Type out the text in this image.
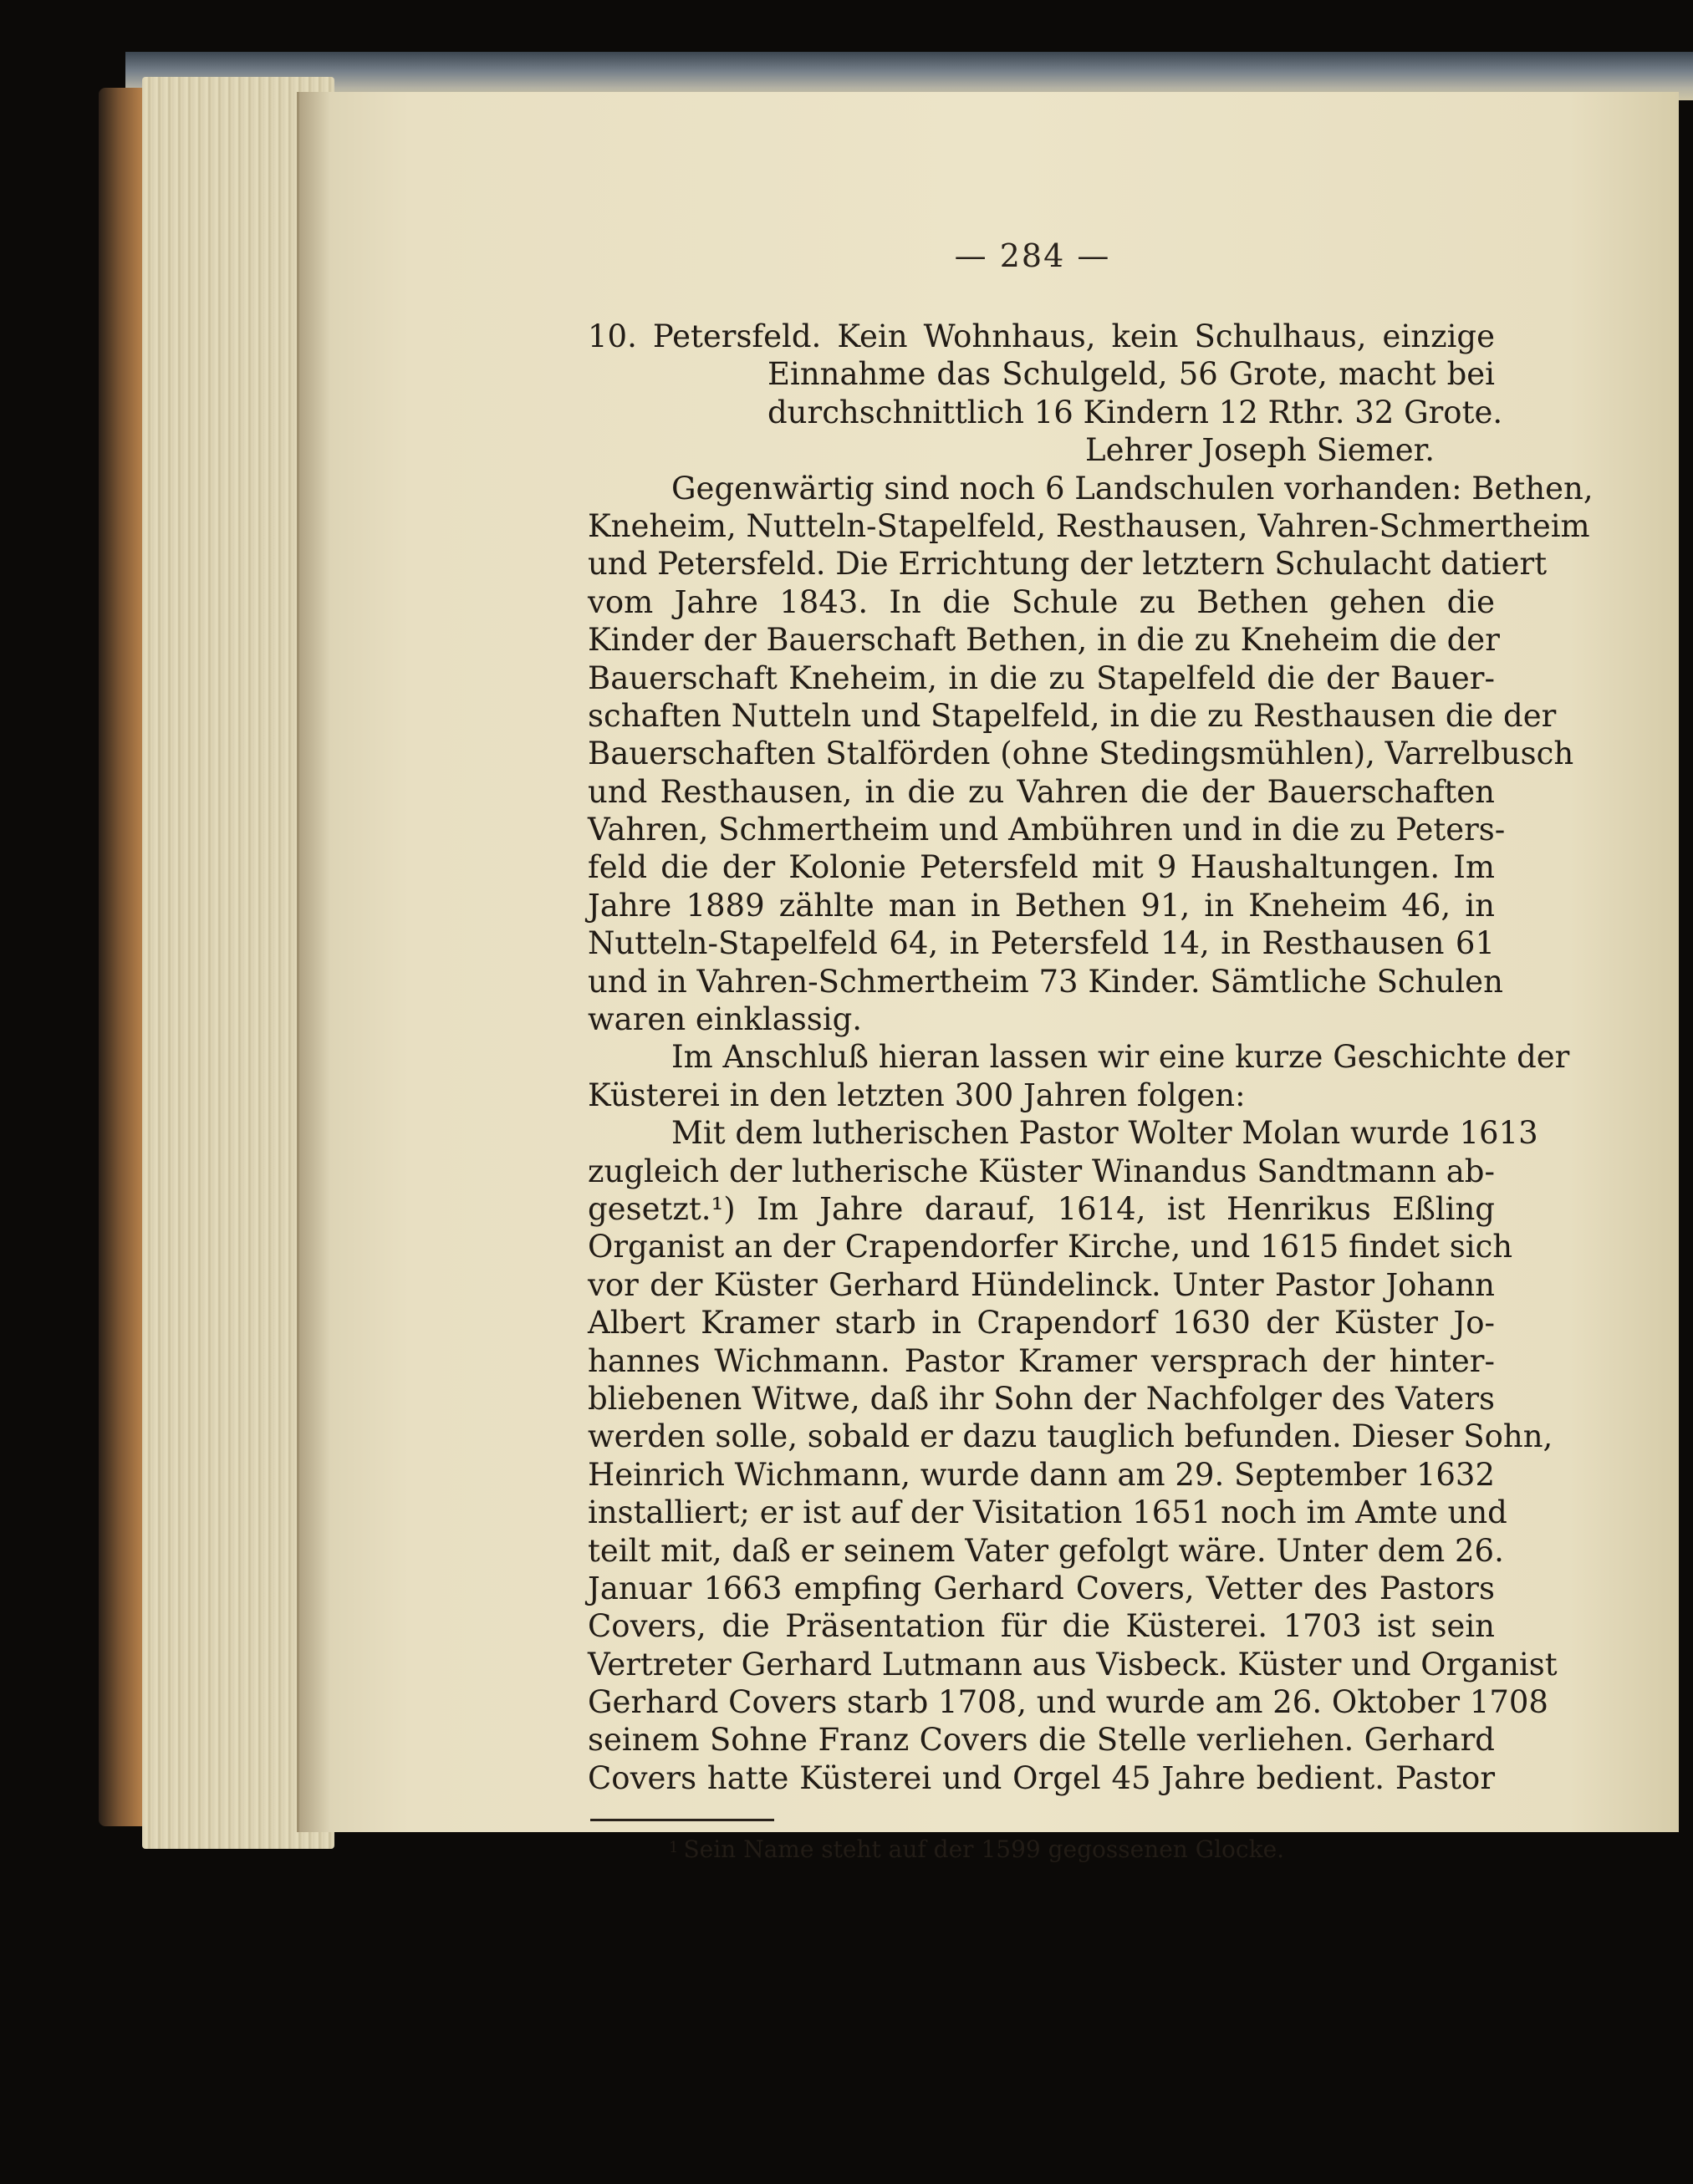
— 284 —
10. Petersfeld. Kein Wohnhaus, kein Schulhaus, einzige
Einnahme das Schulgeld, 56 Grote, macht bei
durchschnittlich 16 Kindern 12 Rthr. 32 Grote.
Lehrer Joseph Siemer.
Gegenwärtig sind noch 6 Landschulen vorhanden: Bethen,
Kneheim, Nutteln-Stapelfeld, Resthausen, Vahren-Schmertheim
und Petersfeld. Die Errichtung der letztern Schulacht datiert
vom Jahre 1843. In die Schule zu Bethen gehen die
Kinder der Bauerschaft Bethen, in die zu Kneheim die der
Bauerschaft Kneheim, in die zu Stapelfeld die der Bauer-
schaften Nutteln und Stapelfeld, in die zu Resthausen die der
Bauerschaften Stalförden (ohne Stedingsmühlen), Varrelbusch
und Resthausen, in die zu Vahren die der Bauerschaften
Vahren, Schmertheim und Ambühren und in die zu Peters-
feld die der Kolonie Petersfeld mit 9 Haushaltungen. Im
Jahre 1889 zählte man in Bethen 91, in Kneheim 46, in
Nutteln-Stapelfeld 64, in Petersfeld 14, in Resthausen 61
und in Vahren-Schmertheim 73 Kinder. Sämtliche Schulen
waren einklassig.
Im Anschluß hieran lassen wir eine kurze Geschichte der
Küsterei in den letzten 300 Jahren folgen:
Mit dem lutherischen Pastor Wolter Molan wurde 1613
zugleich der lutherische Küster Winandus Sandtmann ab-
gesetzt.¹) Im Jahre darauf, 1614, ist Henrikus Eßling
Organist an der Crapendorfer Kirche, und 1615 findet sich
vor der Küster Gerhard Hündelinck. Unter Pastor Johann
Albert Kramer starb in Crapendorf 1630 der Küster Jo-
hannes Wichmann. Pastor Kramer versprach der hinter-
bliebenen Witwe, daß ihr Sohn der Nachfolger des Vaters
werden solle, sobald er dazu tauglich befunden. Dieser Sohn,
Heinrich Wichmann, wurde dann am 29. September 1632
installiert; er ist auf der Visitation 1651 noch im Amte und
teilt mit, daß er seinem Vater gefolgt wäre. Unter dem 26.
Januar 1663 empfing Gerhard Covers, Vetter des Pastors
Covers, die Präsentation für die Küsterei. 1703 ist sein
Vertreter Gerhard Lutmann aus Visbeck. Küster und Organist
Gerhard Covers starb 1708, und wurde am 26. Oktober 1708
seinem Sohne Franz Covers die Stelle verliehen. Gerhard
Covers hatte Küsterei und Orgel 45 Jahre bedient. Pastor
$^1$ Sein Name steht auf der 1599 gegossenen Glocke.
